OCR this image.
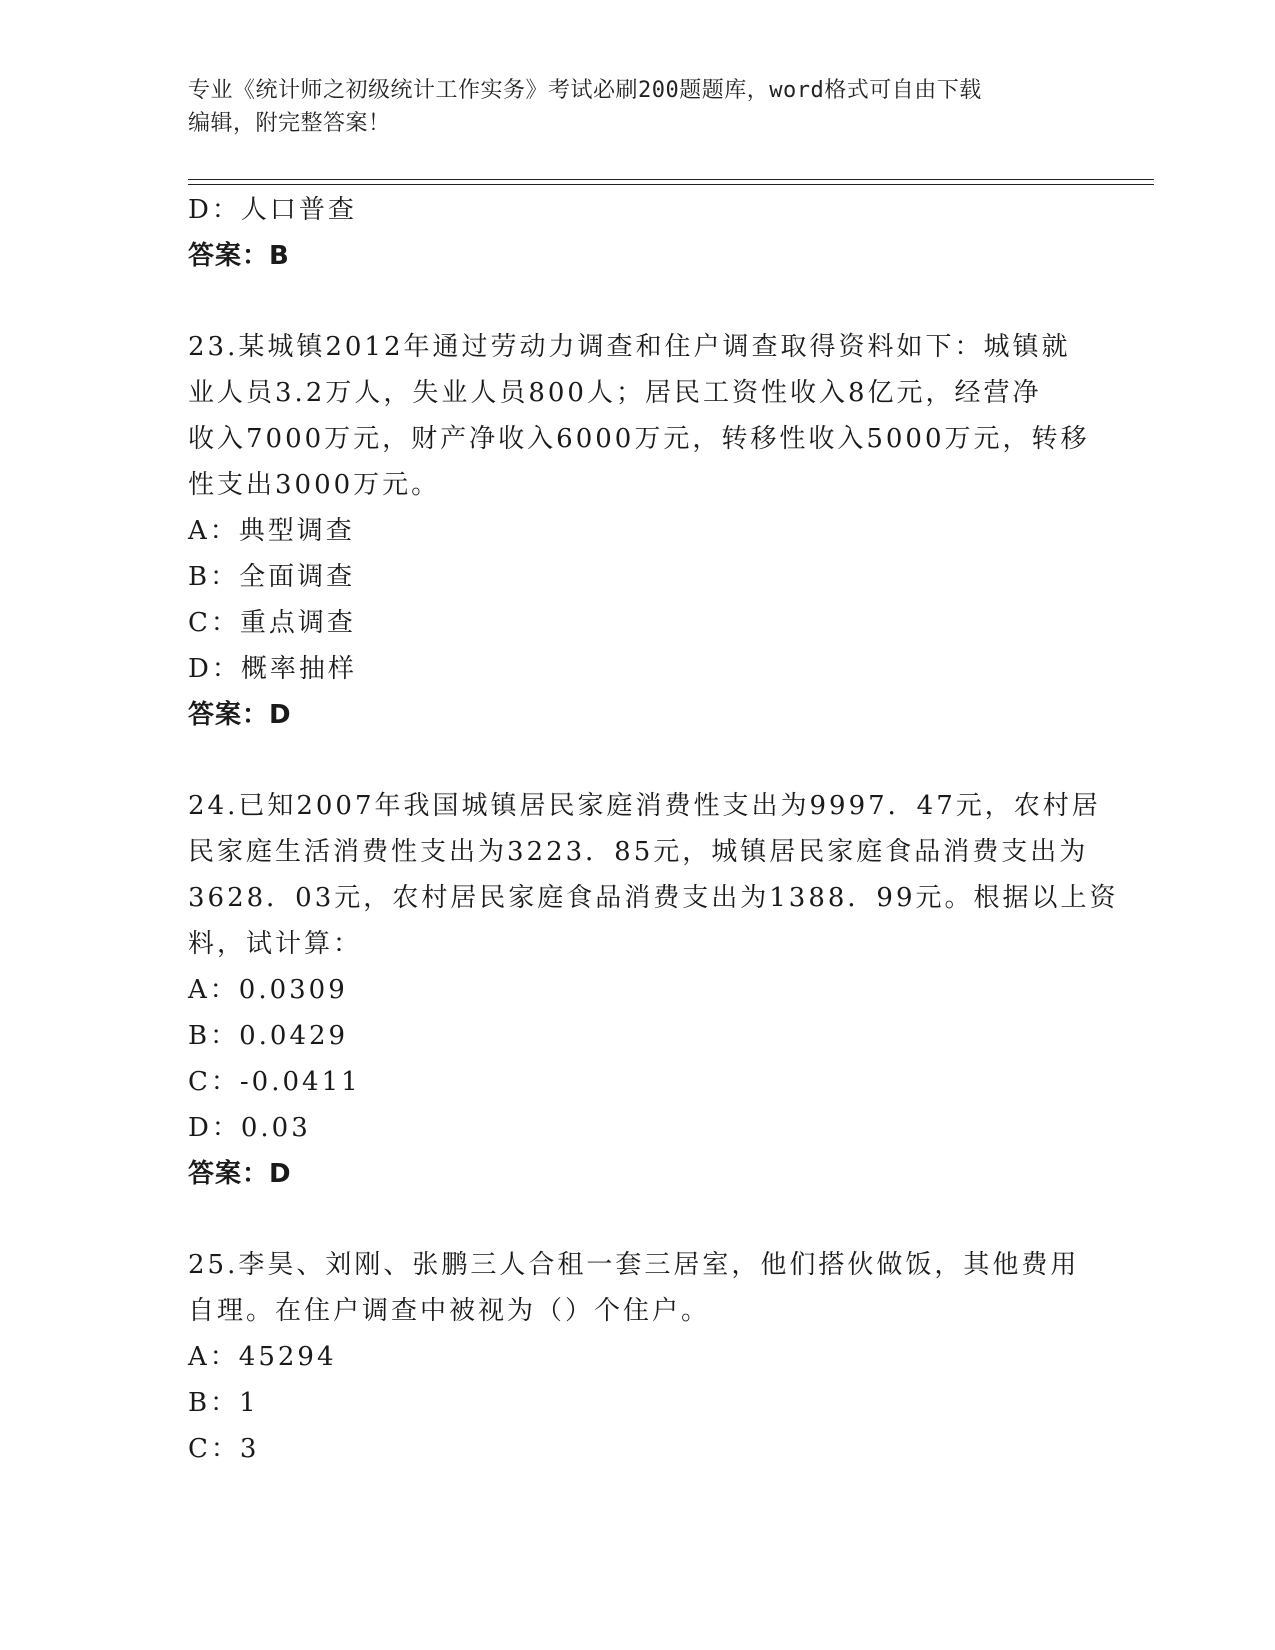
专业《统计师之初级统计工作实务》考试必刷200题题库，word格式可自由下载
编辑，附完整答案！
D：人口普查
答案：B
23.某城镇2012年通过劳动力调查和住户调查取得资料如下：城镇就
业人员3.2万人，失业人员800人；居民工资性收入8亿元，经营净
收入7000万元，财产净收入6000万元，转移性收入5000万元，转移
性支出3000万元。
A：典型调查
B：全面调查
C：重点调查
D：概率抽样
答案：D
24.已知2007年我国城镇居民家庭消费性支出为9997．47元，农村居
民家庭生活消费性支出为3223．85元，城镇居民家庭食品消费支出为
3628．03元，农村居民家庭食品消费支出为1388．99元。根据以上资
料，试计算：
A：0.0309
B：0.0429
C：-0.0411
D：0.03
答案：D
25.李昊、刘刚、张鹏三人合租一套三居室，他们搭伙做饭，其他费用
自理。在住户调查中被视为（）个住户。
A：45294
B：1
C：3
